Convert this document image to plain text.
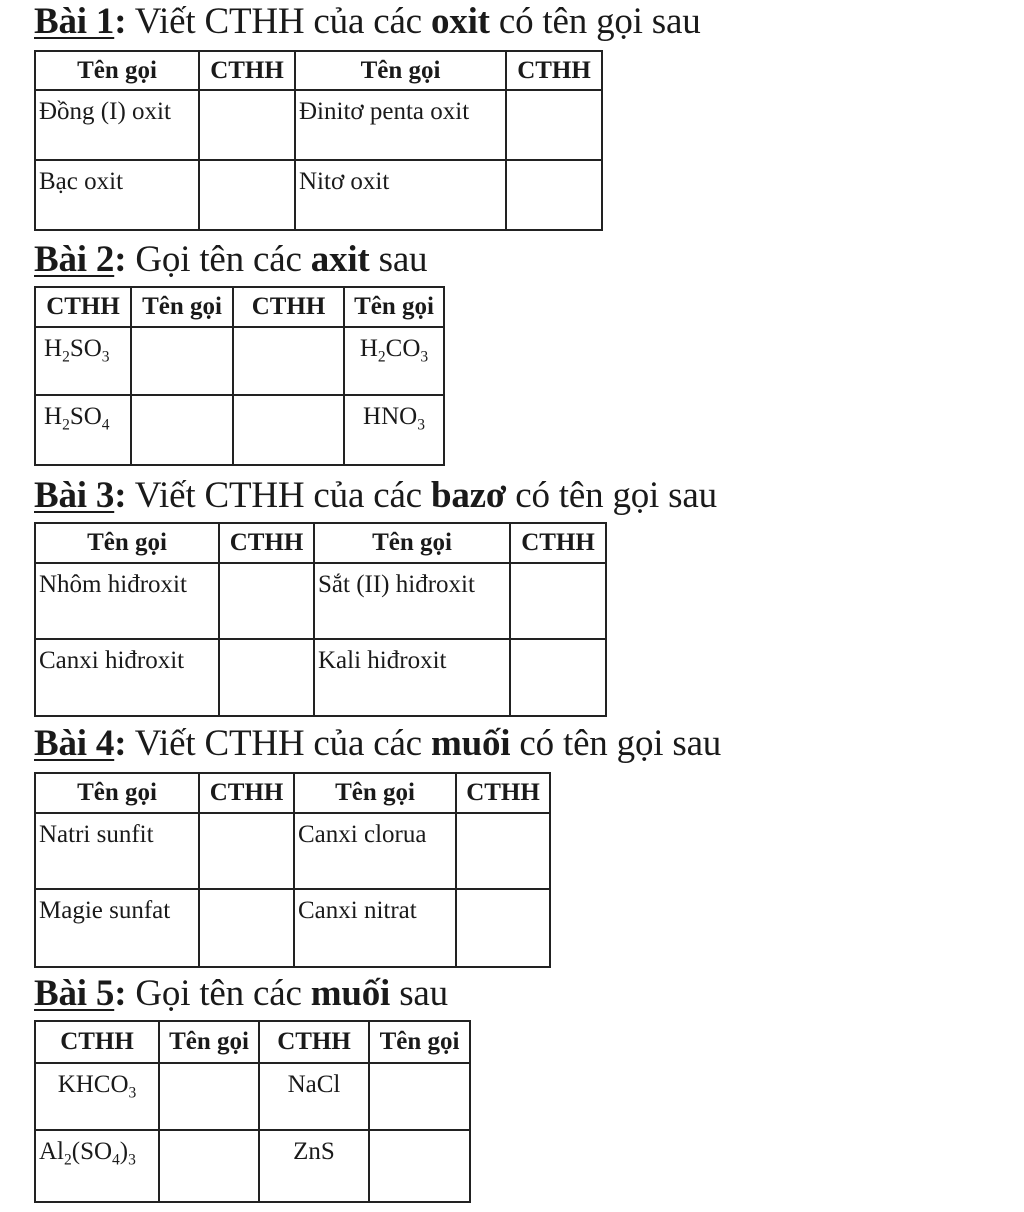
Bài 1: Viết CTHH của các oxit có tên gọi sau
Tên gọi	CTHH	Tên gọi	CTHH
Đồng (I) oxit		Đinitơ penta oxit	
Bạc oxit		Nitơ oxit	
Bài 2: Gọi tên các axit sau
CTHH	Tên gọi	CTHH	Tên gọi
$H_2SO_3$			$H_2CO_3$
$H_2SO_4$			$HNO_3$
Bài 3: Viết CTHH của các bazơ có tên gọi sau
Tên gọi	CTHH	Tên gọi	CTHH
Nhôm hiđroxit		Sắt (II) hiđroxit	
Canxi hiđroxit		Kali hiđroxit	
Bài 4: Viết CTHH của các muối có tên gọi sau
Tên gọi	CTHH	Tên gọi	CTHH
Natri sunfit		Canxi clorua	
Magie sunfat		Canxi nitrat	
Bài 5: Gọi tên các muối sau
CTHH	Tên gọi	CTHH	Tên gọi
$KHCO_3$		NaCl	
$Al_2(SO_4)_3$		ZnS	
